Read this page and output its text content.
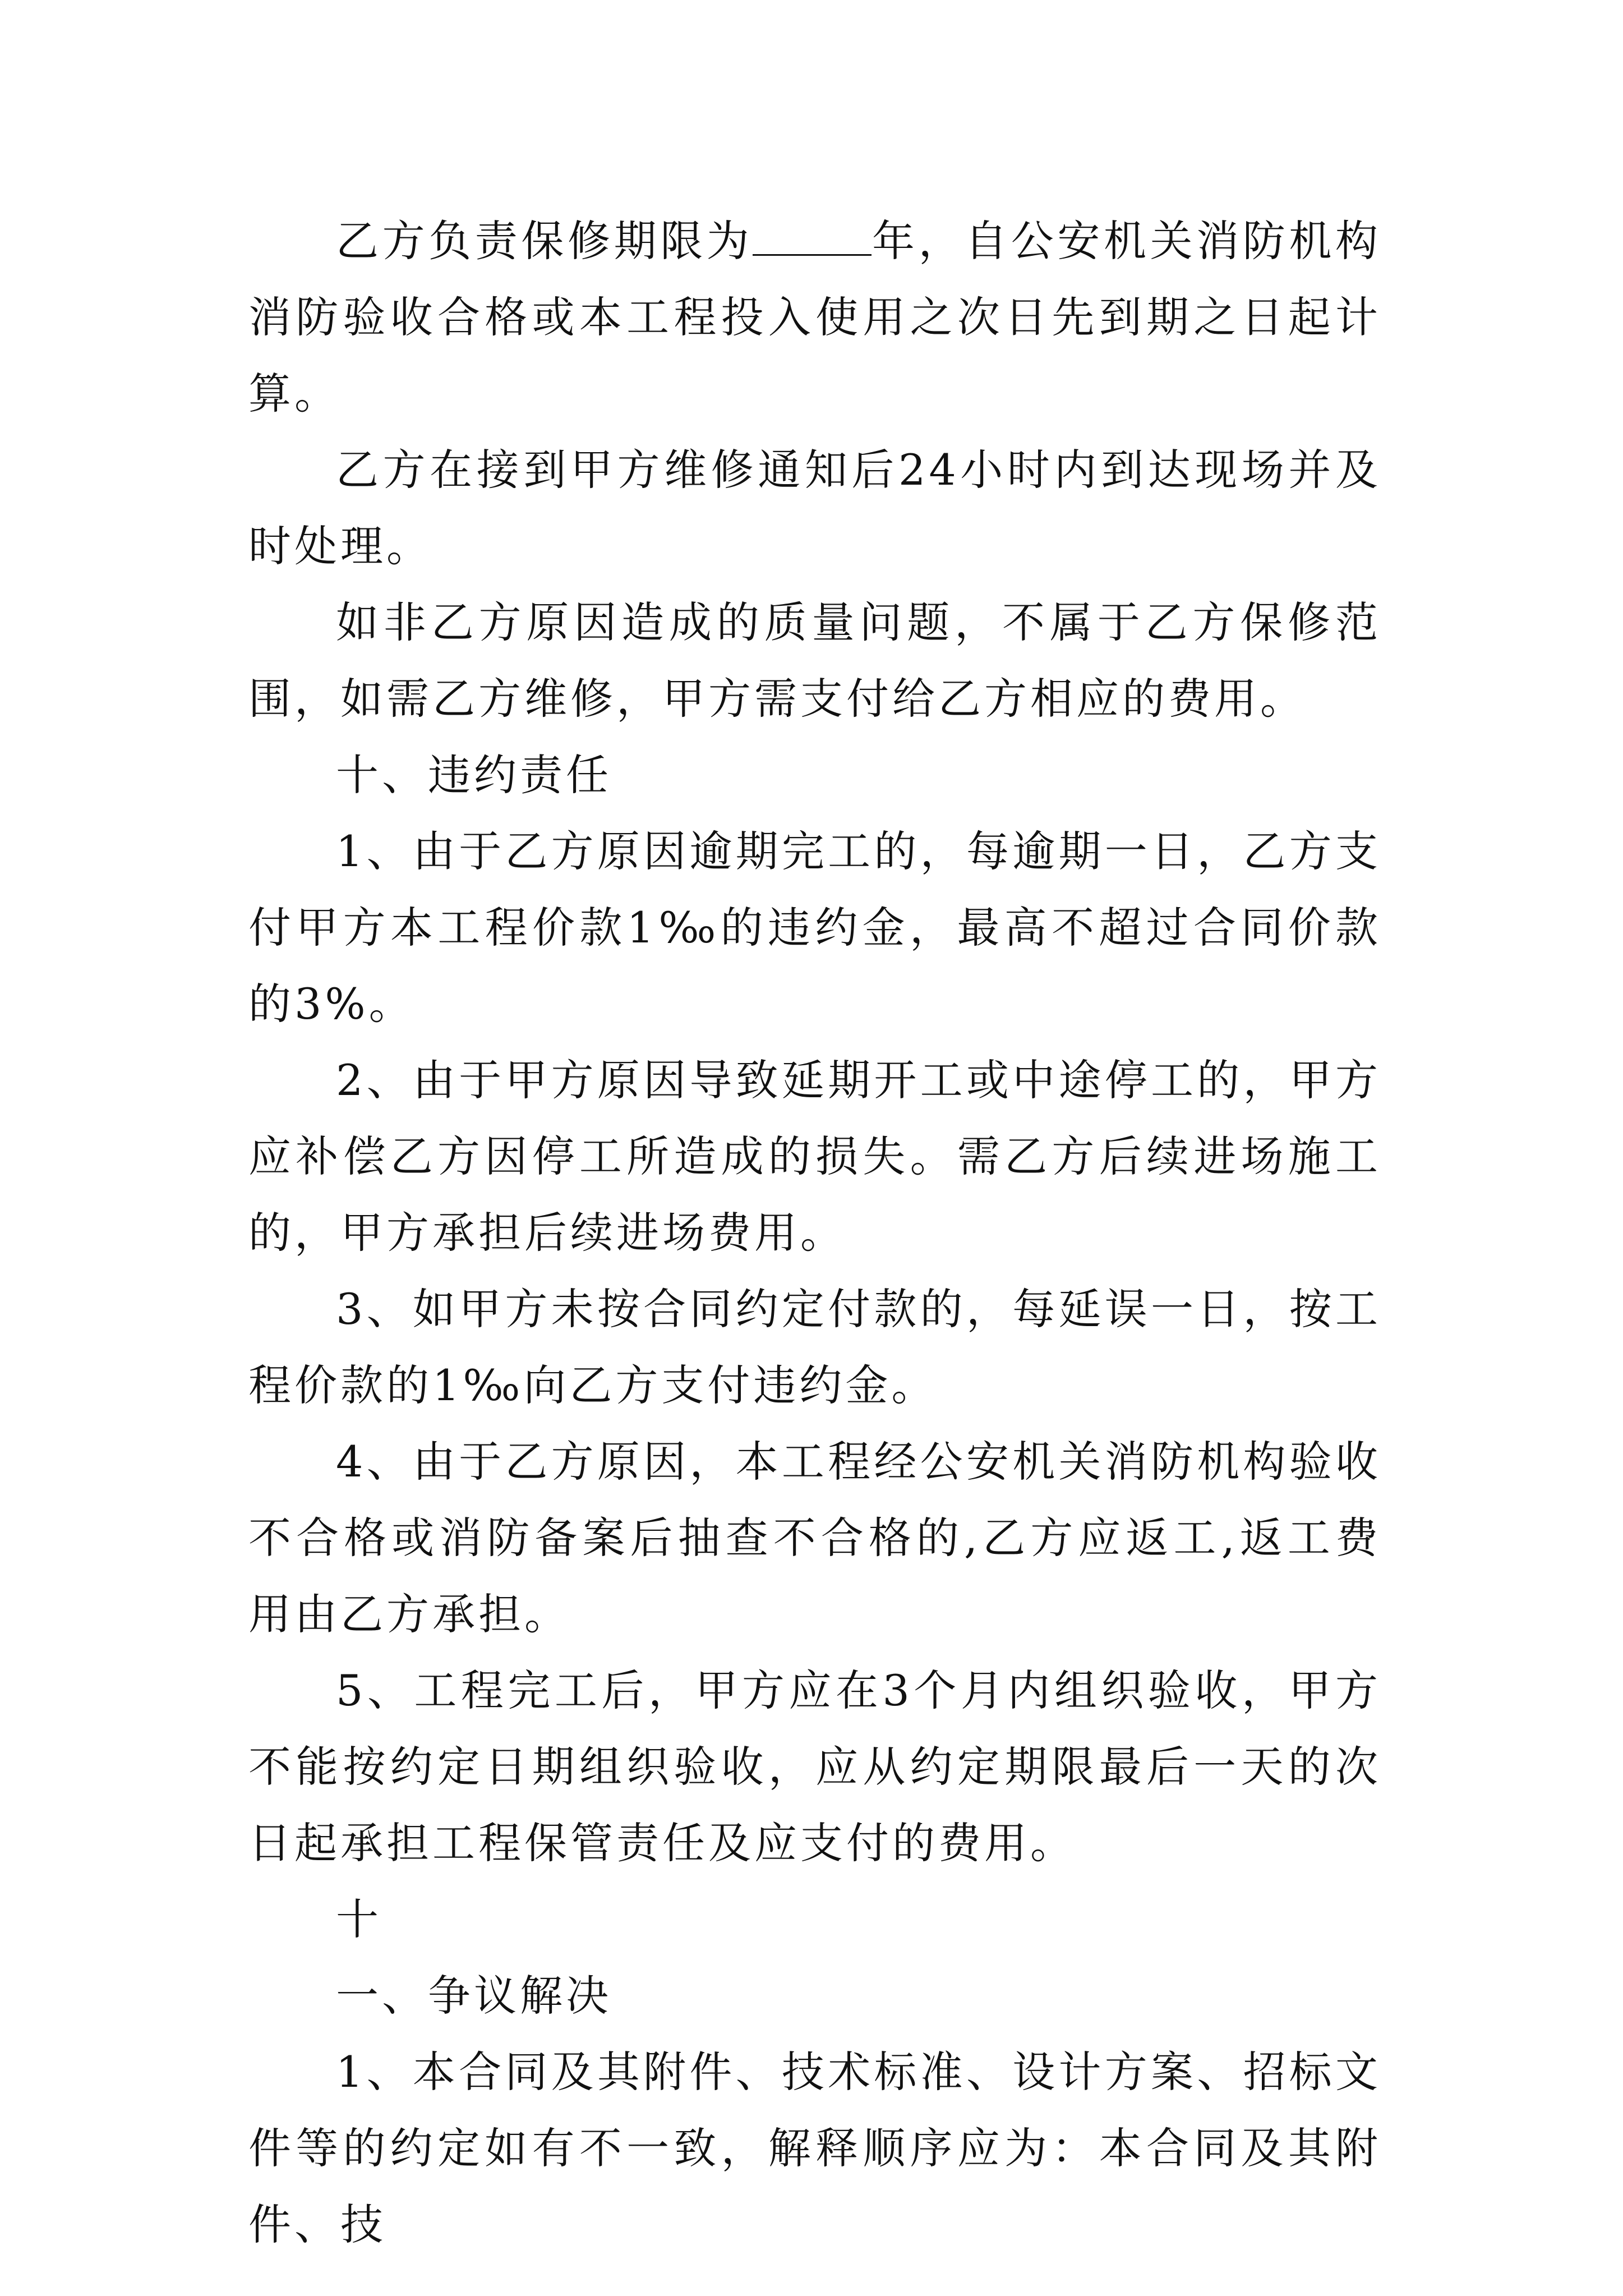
乙方负责保修期限为	年，自公安机关消防机构消防验收合格或本工程投入使用之次日先到期之日起计算。

乙方在接到甲方维修通知后24小时内到达现场并及时处理。

如非乙方原因造成的质量问题，不属于乙方保修范围，如需乙方维修，甲方需支付给乙方相应的费用。

十、违约责任

1、由于乙方原因逾期完工的，每逾期一日，乙方支付甲方本工程价款1‰的违约金，最高不超过合同价款的3%。

2、由于甲方原因导致延期开工或中途停工的，甲方应补偿乙方因停工所造成的损失。需乙方后续进场施工的，甲方承担后续进场费用。

3、如甲方未按合同约定付款的，每延误一日，按工程价款的1‰向乙方支付违约金。

4、由于乙方原因，本工程经公安机关消防机构验收不合格或消防备案后抽查不合格的,乙方应返工,返工费用由乙方承担。

5、工程完工后，甲方应在3个月内组织验收，甲方不能按约定日期组织验收，应从约定期限最后一天的次日起承担工程保管责任及应支付的费用。

十

一、争议解决

1、本合同及其附件、技术标准、设计方案、招标文件等的约定如有不一致，解释顺序应为：本合同及其附件、技
